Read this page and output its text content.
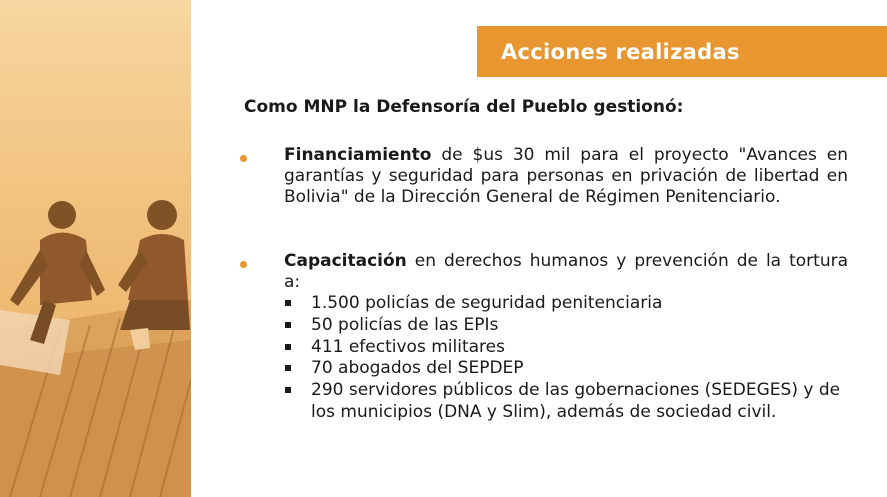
Acciones realizadas
Como MNP la Defensoría del Pueblo gestionó:
Financiamiento de $us 30 mil para el proyecto "Avances en garantías y seguridad para personas en privación de libertad en Bolivia" de la Dirección General de Régimen Penitenciario.
Capacitación en derechos humanos y prevención de la tortura a:
1.500 policías de seguridad penitenciaria
50 policías de las EPIs
411 efectivos militares
70 abogados del SEPDEP
290 servidores públicos de las gobernaciones (SEDEGES) y de los municipios (DNA y Slim), además de sociedad civil.
